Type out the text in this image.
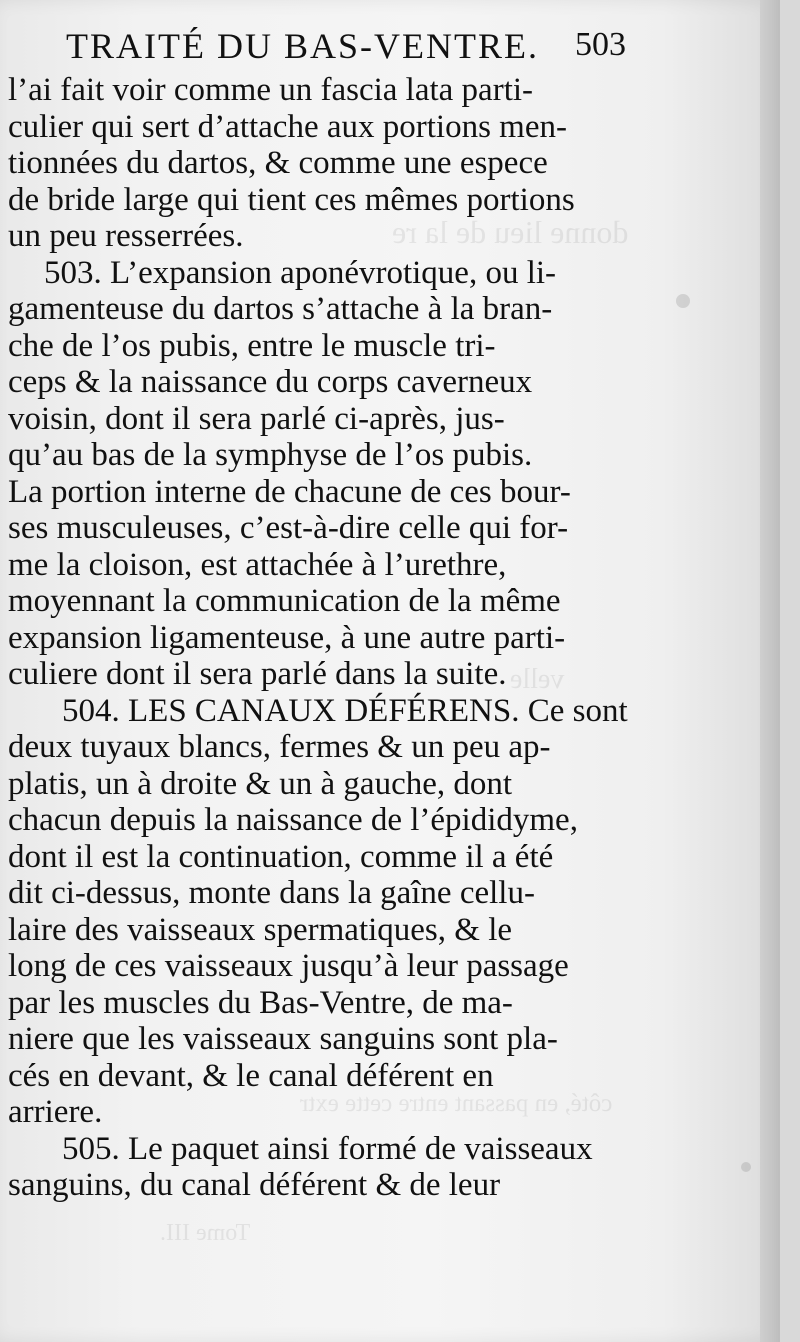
donne lieu de la re
velle
côté, en passant entre cette extr
Tome III.
TRAITÉ DU BAS-VENTRE. 503
l’ai fait voir comme un fascia lata parti-
culier qui sert d’attache aux portions men-
tionnées du dartos, & comme une espece
de bride large qui tient ces mêmes portions
un peu resserrées.
503. L’expansion aponévrotique, ou li-
gamenteuse du dartos s’attache à la bran-
che de l’os pubis, entre le muscle tri-
ceps & la naissance du corps caverneux
voisin, dont il sera parlé ci-après, jus-
qu’au bas de la symphyse de l’os pubis.
La portion interne de chacune de ces bour-
ses musculeuses, c’est-à-dire celle qui for-
me la cloison, est attachée à l’urethre,
moyennant la communication de la même
expansion ligamenteuse, à une autre parti-
culiere dont il sera parlé dans la suite.
504. LES CANAUX DÉFÉRENS. Ce sont
deux tuyaux blancs, fermes & un peu ap-
platis, un à droite & un à gauche, dont
chacun depuis la naissance de l’épididyme,
dont il est la continuation, comme il a été
dit ci-dessus, monte dans la gaîne cellu-
laire des vaisseaux spermatiques, & le
long de ces vaisseaux jusqu’à leur passage
par les muscles du Bas-Ventre, de ma-
niere que les vaisseaux sanguins sont pla-
cés en devant, & le canal déférent en
arriere.
505. Le paquet ainsi formé de vaisseaux
sanguins, du canal déférent & de leur
